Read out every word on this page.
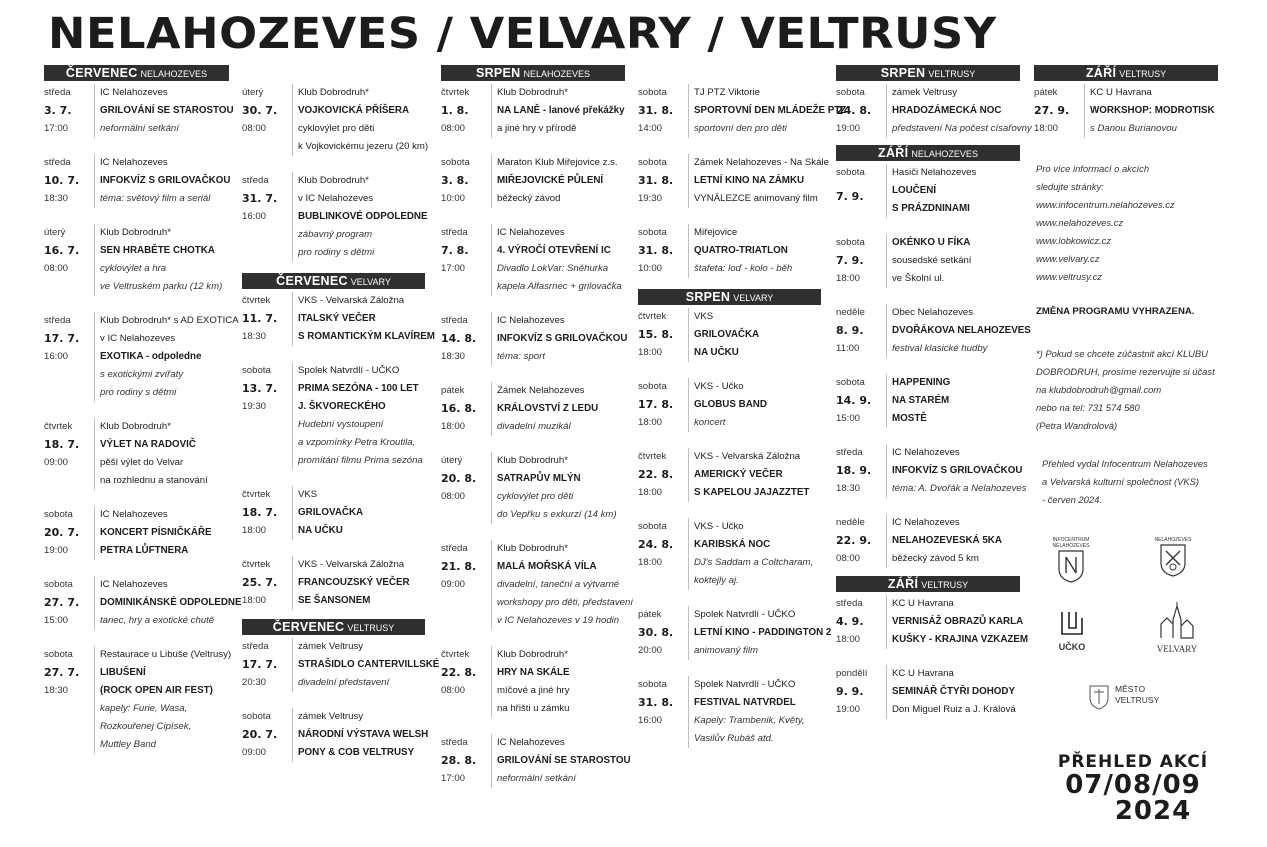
NELAHOZEVES / VELVARY / VELTRUSY
ČERVENEC NELAHOZEVES
středa
3. 7.
17:00
IC Nelahozeves
GRILOVÁNÍ SE STAROSTOU
neformální setkání
středa
10. 7.
18:30
IC Nelahozeves
INFOKVÍZ S GRILOVAČKOU
téma: světový film a seriál
úterý
16. 7.
08:00
Klub Dobrodruh*
SEN HRABĚTE CHOTKA
cyklovýlet a hra
ve Veltruském parku (12 km)
středa
17. 7.
16:00
Klub Dobrodruh* s AD EXOTICA
v IC Nelahozeves
EXOTIKA - odpoledne
s exotickými zvířaty
pro rodiny s dětmi
čtvrtek
18. 7.
09:00
Klub Dobrodruh*
VÝLET NA RADOVIČ
pěší výlet do Velvar
na rozhlednu a stanování
sobota
20. 7.
19:00
IC Nelahozeves
KONCERT PÍSNIČKÁŘE
PETRA LŮFTNERA
sobota
27. 7.
15:00
IC Nelahozeves
DOMINIKÁNSKÉ ODPOLEDNE
tanec, hry a exotické chutě
sobota
27. 7.
18:30
Restaurace u Libuše (Veltrusy)
LIBUŠENÍ
(ROCK OPEN AIR FEST)
kapely: Furie, Wasa,
Rozkouřenej Cipísek,
Muttley Band
úterý
30. 7.
08:00
Klub Dobrodruh*
VOJKOVICKÁ PŘÍŠERA
cyklovýlet pro děti
k Vojkovickému jezeru (20 km)
středa
31. 7.
16:00
Klub Dobrodruh*
v IC Nelahozeves
BUBLINKOVÉ ODPOLEDNE
zábavný program
pro rodiny s dětmi
ČERVENEC VELVARY
čtvrtek
11. 7.
18:30
VKS - Velvarská Záložna
ITALSKÝ VEČER
S ROMANTICKÝM KLAVÍREM
sobota
13. 7.
19:30
Spolek Natvrdlí - UČKO
PRIMA SEZÓNA - 100 LET
J. ŠKVORECKÉHO
Hudební vystoupení
a vzpomínky Petra Kroutila,
promítání filmu Prima sezóna
čtvrtek
18. 7.
18:00
VKS
GRILOVAČKA
NA UČKU
čtvrtek
25. 7.
18:00
VKS - Velvarská Záložna
FRANCOUZSKÝ VEČER
SE ŠANSONEM
ČERVENEC VELTRUSY
středa
17. 7.
20:30
zámek Veltrusy
STRAŠIDLO CANTERVILLSKÉ
divadelní představení
sobota
20. 7.
09:00
zámek Veltrusy
NÁRODNÍ VÝSTAVA WELSH
PONY & COB VELTRUSY
SRPEN NELAHOZEVES
čtvrtek
1. 8.
08:00
Klub Dobrodruh*
NA LANĚ - lanové překážky
a jiné hry v přírodě
sobota
3. 8.
10:00
Maraton Klub Miřejovice z.s.
MIŘEJOVICKÉ PŮLENÍ
běžecký závod
středa
7. 8.
17:00
IC Nelahozeves
4. VÝROČÍ OTEVŘENÍ IC
Divadlo LokVar: Sněhurka
kapela Alfasrnec + grilovačka
středa
14. 8.
18:30
IC Nelahozeves
INFOKVÍZ S GRILOVAČKOU
téma: sport
pátek
16. 8.
18:00
Zámek Nelahozeves
KRÁLOVSTVÍ Z LEDU
divadelní muzikál
úterý
20. 8.
08:00
Klub Dobrodruh*
SATRAPŮV MLÝN
cyklovýlet pro děti
do Vepřku s exkurzí (14 km)
středa
21. 8.
09:00
Klub Dobrodruh*
MALÁ MOŘSKÁ VÍLA
divadelní, taneční a výtvarné
workshopy pro děti, představení
v IC Nelahozeves v 19 hodin
čtvrtek
22. 8.
08:00
Klub Dobrodruh*
HRY NA SKÁLE
míčové a jiné hry
na hřišti u zámku
středa
28. 8.
17:00
IC Nelahozeves
GRILOVÁNÍ SE STAROSTOU
neformální setkání
sobota
31. 8.
14:00
TJ PTZ Viktorie
SPORTOVNÍ DEN MLÁDEŽE PTZ
sportovní den pro děti
sobota
31. 8.
19:30
Zámek Nelahozeves - Na Skále
LETNÍ KINO NA ZÁMKU
VYNÁLEZCE animovaný film
sobota
31. 8.
10:00
Miřejovice
QUATRO-TRIATLON
štafeta: loď - kolo - běh
SRPEN VELVARY
čtvrtek
15. 8.
18:00
VKS
GRILOVAČKA
NA UČKU
sobota
17. 8.
18:00
VKS - Učko
GLOBUS BAND
koncert
čtvrtek
22. 8.
18:00
VKS - Velvarská Záložna
AMERICKÝ VEČER
S KAPELOU JAJAZZTET
sobota
24. 8.
18:00
VKS - Učko
KARIBSKÁ NOC
DJ's Saddam a Coltcharam,
koktejly aj.
pátek
30. 8.
20:00
Spolek Natvrdlí - UČKO
LETNÍ KINO - PADDINGTON 2
animovaný film
sobota
31. 8.
16:00
Spolek Natvrdlí - UČKO
FESTIVAL NATVRDEL
Kapely: Trambenik, Květy,
Vasilův Rubáš atd.
SRPEN VELTRUSY
sobota
24. 8.
19:00
zámek Veltrusy
HRADOZÁMECKÁ NOC
představení Na počest císařovny
ZÁŘÍ NELAHOZEVES
sobota
7. 9.
Hasiči Nelahozeves
LOUČENÍ
S PRÁZDNINAMI
sobota
7. 9.
18:00
OKÉNKO U FÍKA
sousedské setkání
ve Školní ul.
neděle
8. 9.
11:00
Obec Nelahozeves
DVOŘÁKOVA NELAHOZEVES
festival klasické hudby
sobota
14. 9.
15:00
HAPPENING
NA STARÉM
MOSTĚ
středa
18. 9.
18:30
IC Nelahozeves
INFOKVÍZ S GRILOVAČKOU
téma: A. Dvořák a Nelahozeves
neděle
22. 9.
08:00
IC Nelahozeves
NELAHOZEVESKÁ 5KA
běžecký závod 5 km
ZÁŘÍ VELTRUSY
středa
4. 9.
18:00
KC U Havrana
VERNISÁŽ OBRAZŮ KARLA
KUŠKY - KRAJINA VZKAZEM
pondělí
9. 9.
19:00
KC U Havrana
SEMINÁŘ ČTYŘI DOHODY
Don Miguel Ruiz a J. Králová
ZÁŘÍ VELTRUSY
pátek
27. 9.
18:00
KC U Havrana
WORKSHOP: MODROTISK
s Danou Burianovou
Pro více informací o akcích
sledujte stránky:
www.infocentrum.nelahozeves.cz
www.nelahozeves.cz
www.lobkowicz.cz
www.velvary.cz
www.veltrusy.cz
ZMĚNA PROGRAMU VYHRAZENA.
*) Pokud se chcete zúčastnit akcí KLUBU
DOBRODRUH, prosíme rezervujte si účast
na klubdobrodruh@gmail.com
nebo na tel: 731 574 580
(Petra Wandrolová)
Přehled vydal Infocentrum Nelahozeves
a Velvarská kulturní společnost (VKS)
- červen 2024.
INFOCENTRUM NELAHOZEVES
NELAHOZEVES
UČKO	VELVARY
MĚSTO
VELTRUSY
PŘEHLED AKCÍ
07/08/09
2024
